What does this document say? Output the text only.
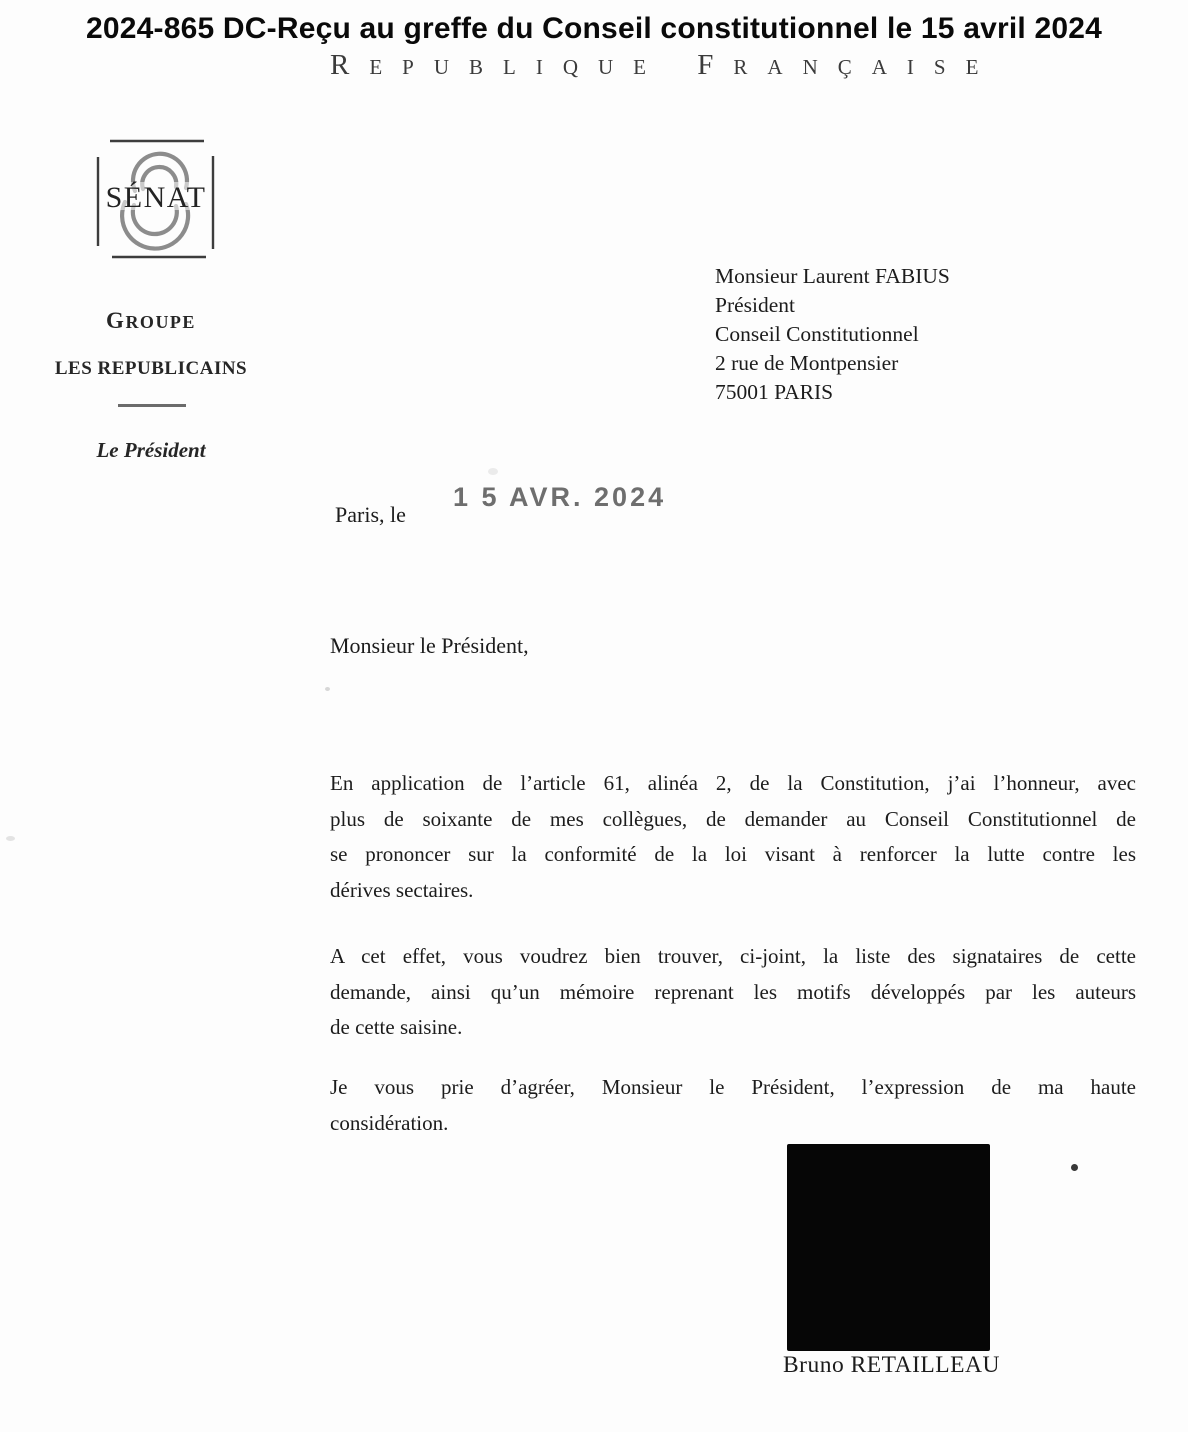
2024-865 DC-Reçu au greffe du Conseil constitutionnel le 15 avril 2024
REPUBLIQUE FRANÇAISE
SÉNAT
GROUPE
LES REPUBLICAINS
Le Président
Monsieur Laurent FABIUS
Président
Conseil Constitutionnel
2 rue de Montpensier
75001 PARIS
Paris, le
1 5 AVR. 2024
Monsieur le Président,
En application de l’article 61, alinéa 2, de la Constitution, j’ai l’honneur, avec
plus de soixante de mes collègues, de demander au Conseil Constitutionnel de
se prononcer sur la conformité de la loi visant à renforcer la lutte contre les
dérives sectaires.
A cet effet, vous voudrez bien trouver, ci-joint, la liste des signataires de cette
demande, ainsi qu’un mémoire reprenant les motifs développés par les auteurs
de cette saisine.
Je vous prie d’agréer, Monsieur le Président, l’expression de ma haute
considération.
Bruno RETAILLEAU
